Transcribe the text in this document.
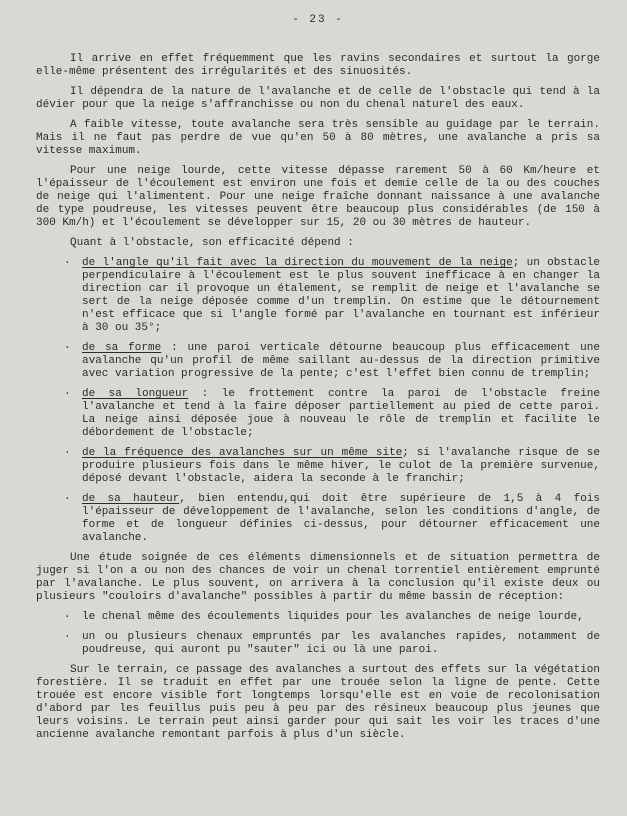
- 23 -

Il arrive en effet fréquemment que les ravins secondaires et surtout la gorge elle-même présentent des irrégularités et des sinuosités.

Il dépendra de la nature de l'avalanche et de celle de l'obstacle qui tend à la dévier pour que la neige s'affranchisse ou non du chenal naturel des eaux.

A faible vitesse, toute avalanche sera très sensible au guidage par le terrain. Mais il ne faut pas perdre de vue qu'en 50 à 80 mètres, une avalanche a pris sa vitesse maximum.

Pour une neige lourde, cette vitesse dépasse rarement 50 à 60 Km/heure et l'épaisseur de l'écoulement est environ une fois et demie celle de la ou des couches de neige qui l'alimentent. Pour une neige fraîche donnant naissance à une avalanche de type poudreuse, les vitesses peuvent être beaucoup plus considérables (de 150 à 300 Km/h) et l'écoulement se développer sur 15, 20 ou 30 mètres de hauteur.

Quant à l'obstacle, son efficacité dépend :

. de l'angle qu'il fait avec la direction du mouvement de la neige; un obstacle perpendiculaire à l'écoulement est le plus souvent inefficace à en changer la direction car il provoque un étalement, se remplit de neige et l'avalanche se sert de la neige déposée comme d'un tremplin. On estime que le détournement n'est efficace que si l'angle formé par l'avalanche en tournant est inférieur à 30 ou 35°;
. de sa forme : une paroi verticale détourne beaucoup plus efficacement une avalanche qu'un profil de même saillant au-dessus de la direction primitive avec variation progressive de la pente; c'est l'effet bien connu de tremplin;
. de sa longueur : le frottement contre la paroi de l'obstacle freine l'avalanche et tend à la faire déposer partiellement au pied de cette paroi. La neige ainsi déposée joue à nouveau le rôle de tremplin et facilite le débordement de l'obstacle;
. de la fréquence des avalanches sur un même site; si l'avalanche risque de se produire plusieurs fois dans le même hiver, le culot de la première survenue, déposé devant l'obstacle, aidera la seconde à le franchir;
. de sa hauteur, bien entendu,qui doit être supérieure de 1,5 à 4 fois l'épaisseur de développement de l'avalanche, selon les conditions d'angle, de forme et de longueur définies ci-dessus, pour détourner efficacement une avalanche.

Une étude soignée de ces éléments dimensionnels et de situation permettra de juger si l'on a ou non des chances de voir un chenal torrentiel entièrement emprunté par l'avalanche. Le plus souvent, on arrivera à la conclusion qu'il existe deux ou plusieurs "couloirs d'avalanche" possibles à partir du même bassin de réception:

. le chenal même des écoulements liquides pour les avalanches de neige lourde,
. un ou plusieurs chenaux empruntés par les avalanches rapides, notamment de poudreuse, qui auront pu "sauter" ici ou là une paroi.

Sur le terrain, ce passage des avalanches a surtout des effets sur la végétation forestière. Il se traduit en effet par une trouée selon la ligne de pente. Cette trouée est encore visible fort longtemps lorsqu'elle est en voie de recolonisation d'abord par les feuillus puis peu à peu par des résineux beaucoup plus jeunes que leurs voisins. Le terrain peut ainsi garder pour qui sait les voir les traces d'une ancienne avalanche remontant parfois à plus d'un siècle.
